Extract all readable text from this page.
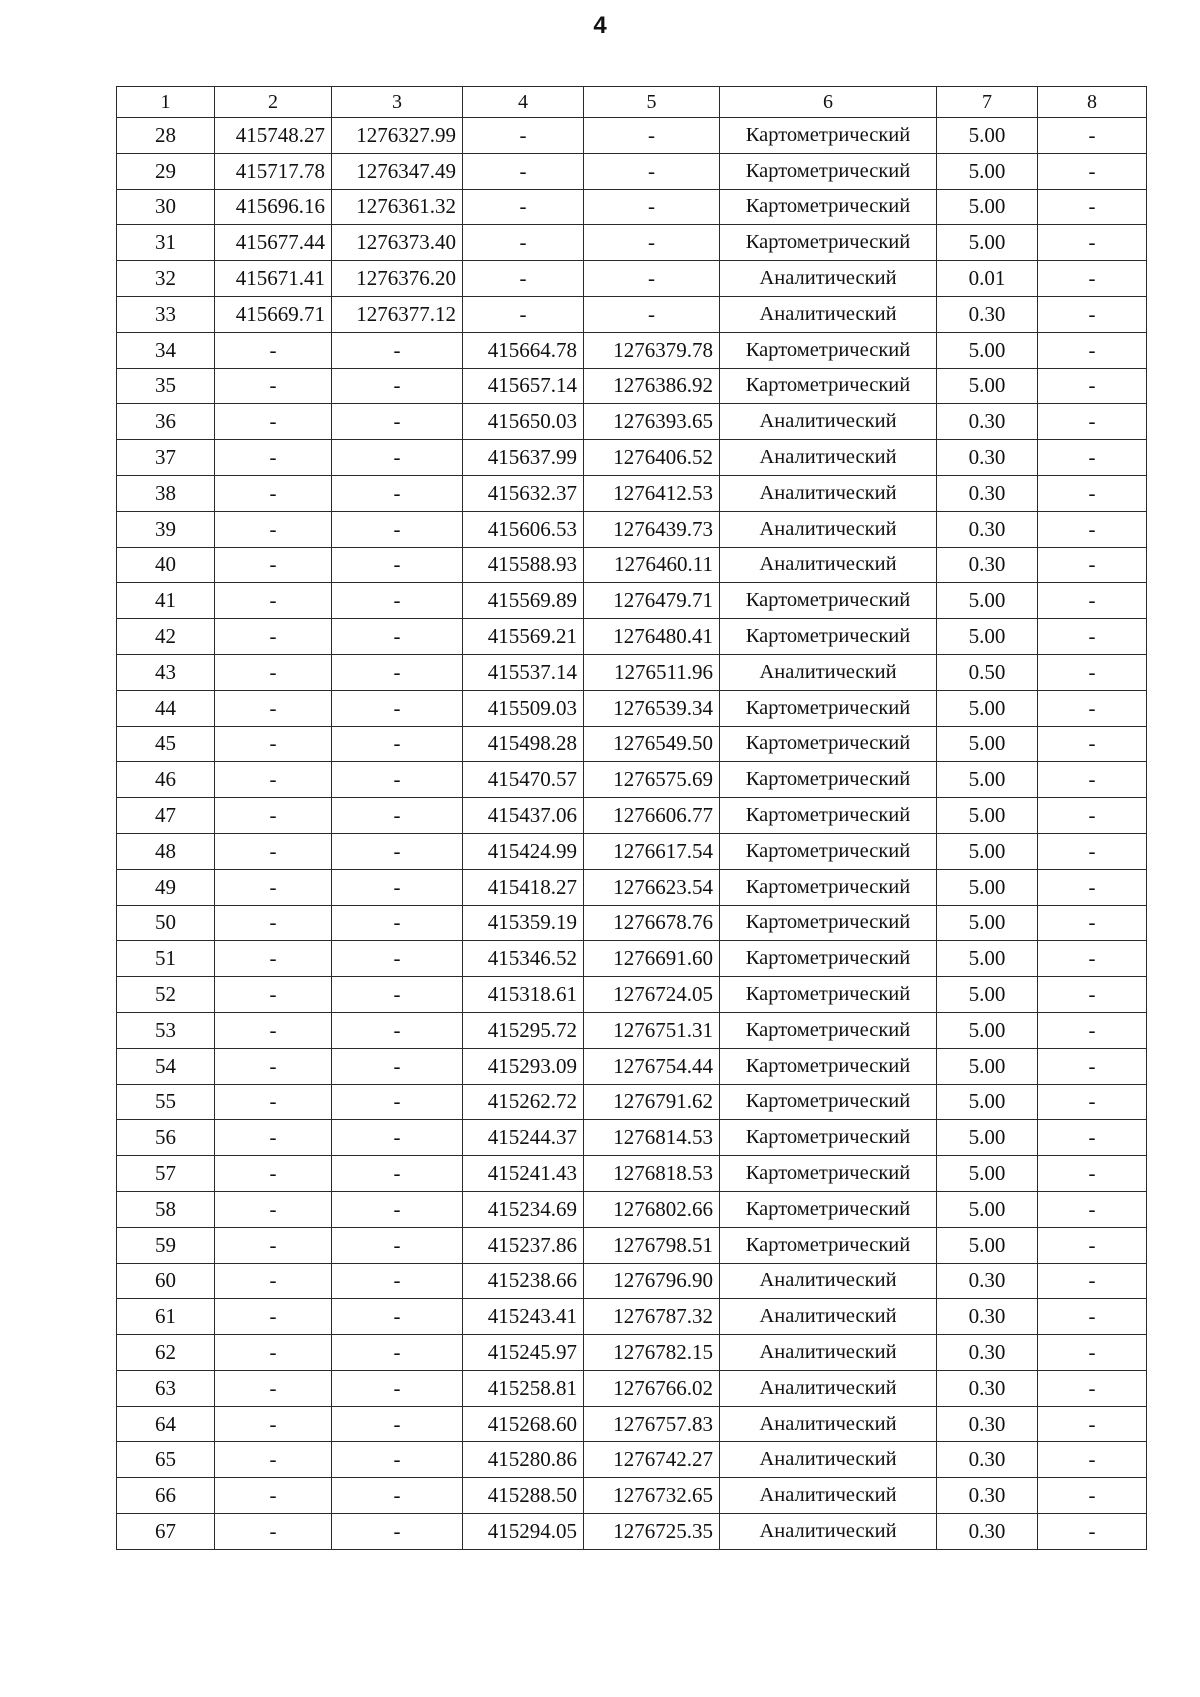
4
1	2	3	4	5	6	7	8
28	415748.27	1276327.99	-	-	Картометрический	5.00	-
29	415717.78	1276347.49	-	-	Картометрический	5.00	-
30	415696.16	1276361.32	-	-	Картометрический	5.00	-
31	415677.44	1276373.40	-	-	Картометрический	5.00	-
32	415671.41	1276376.20	-	-	Аналитический	0.01	-
33	415669.71	1276377.12	-	-	Аналитический	0.30	-
34	-	-	415664.78	1276379.78	Картометрический	5.00	-
35	-	-	415657.14	1276386.92	Картометрический	5.00	-
36	-	-	415650.03	1276393.65	Аналитический	0.30	-
37	-	-	415637.99	1276406.52	Аналитический	0.30	-
38	-	-	415632.37	1276412.53	Аналитический	0.30	-
39	-	-	415606.53	1276439.73	Аналитический	0.30	-
40	-	-	415588.93	1276460.11	Аналитический	0.30	-
41	-	-	415569.89	1276479.71	Картометрический	5.00	-
42	-	-	415569.21	1276480.41	Картометрический	5.00	-
43	-	-	415537.14	1276511.96	Аналитический	0.50	-
44	-	-	415509.03	1276539.34	Картометрический	5.00	-
45	-	-	415498.28	1276549.50	Картометрический	5.00	-
46	-	-	415470.57	1276575.69	Картометрический	5.00	-
47	-	-	415437.06	1276606.77	Картометрический	5.00	-
48	-	-	415424.99	1276617.54	Картометрический	5.00	-
49	-	-	415418.27	1276623.54	Картометрический	5.00	-
50	-	-	415359.19	1276678.76	Картометрический	5.00	-
51	-	-	415346.52	1276691.60	Картометрический	5.00	-
52	-	-	415318.61	1276724.05	Картометрический	5.00	-
53	-	-	415295.72	1276751.31	Картометрический	5.00	-
54	-	-	415293.09	1276754.44	Картометрический	5.00	-
55	-	-	415262.72	1276791.62	Картометрический	5.00	-
56	-	-	415244.37	1276814.53	Картометрический	5.00	-
57	-	-	415241.43	1276818.53	Картометрический	5.00	-
58	-	-	415234.69	1276802.66	Картометрический	5.00	-
59	-	-	415237.86	1276798.51	Картометрический	5.00	-
60	-	-	415238.66	1276796.90	Аналитический	0.30	-
61	-	-	415243.41	1276787.32	Аналитический	0.30	-
62	-	-	415245.97	1276782.15	Аналитический	0.30	-
63	-	-	415258.81	1276766.02	Аналитический	0.30	-
64	-	-	415268.60	1276757.83	Аналитический	0.30	-
65	-	-	415280.86	1276742.27	Аналитический	0.30	-
66	-	-	415288.50	1276732.65	Аналитический	0.30	-
67	-	-	415294.05	1276725.35	Аналитический	0.30	-
